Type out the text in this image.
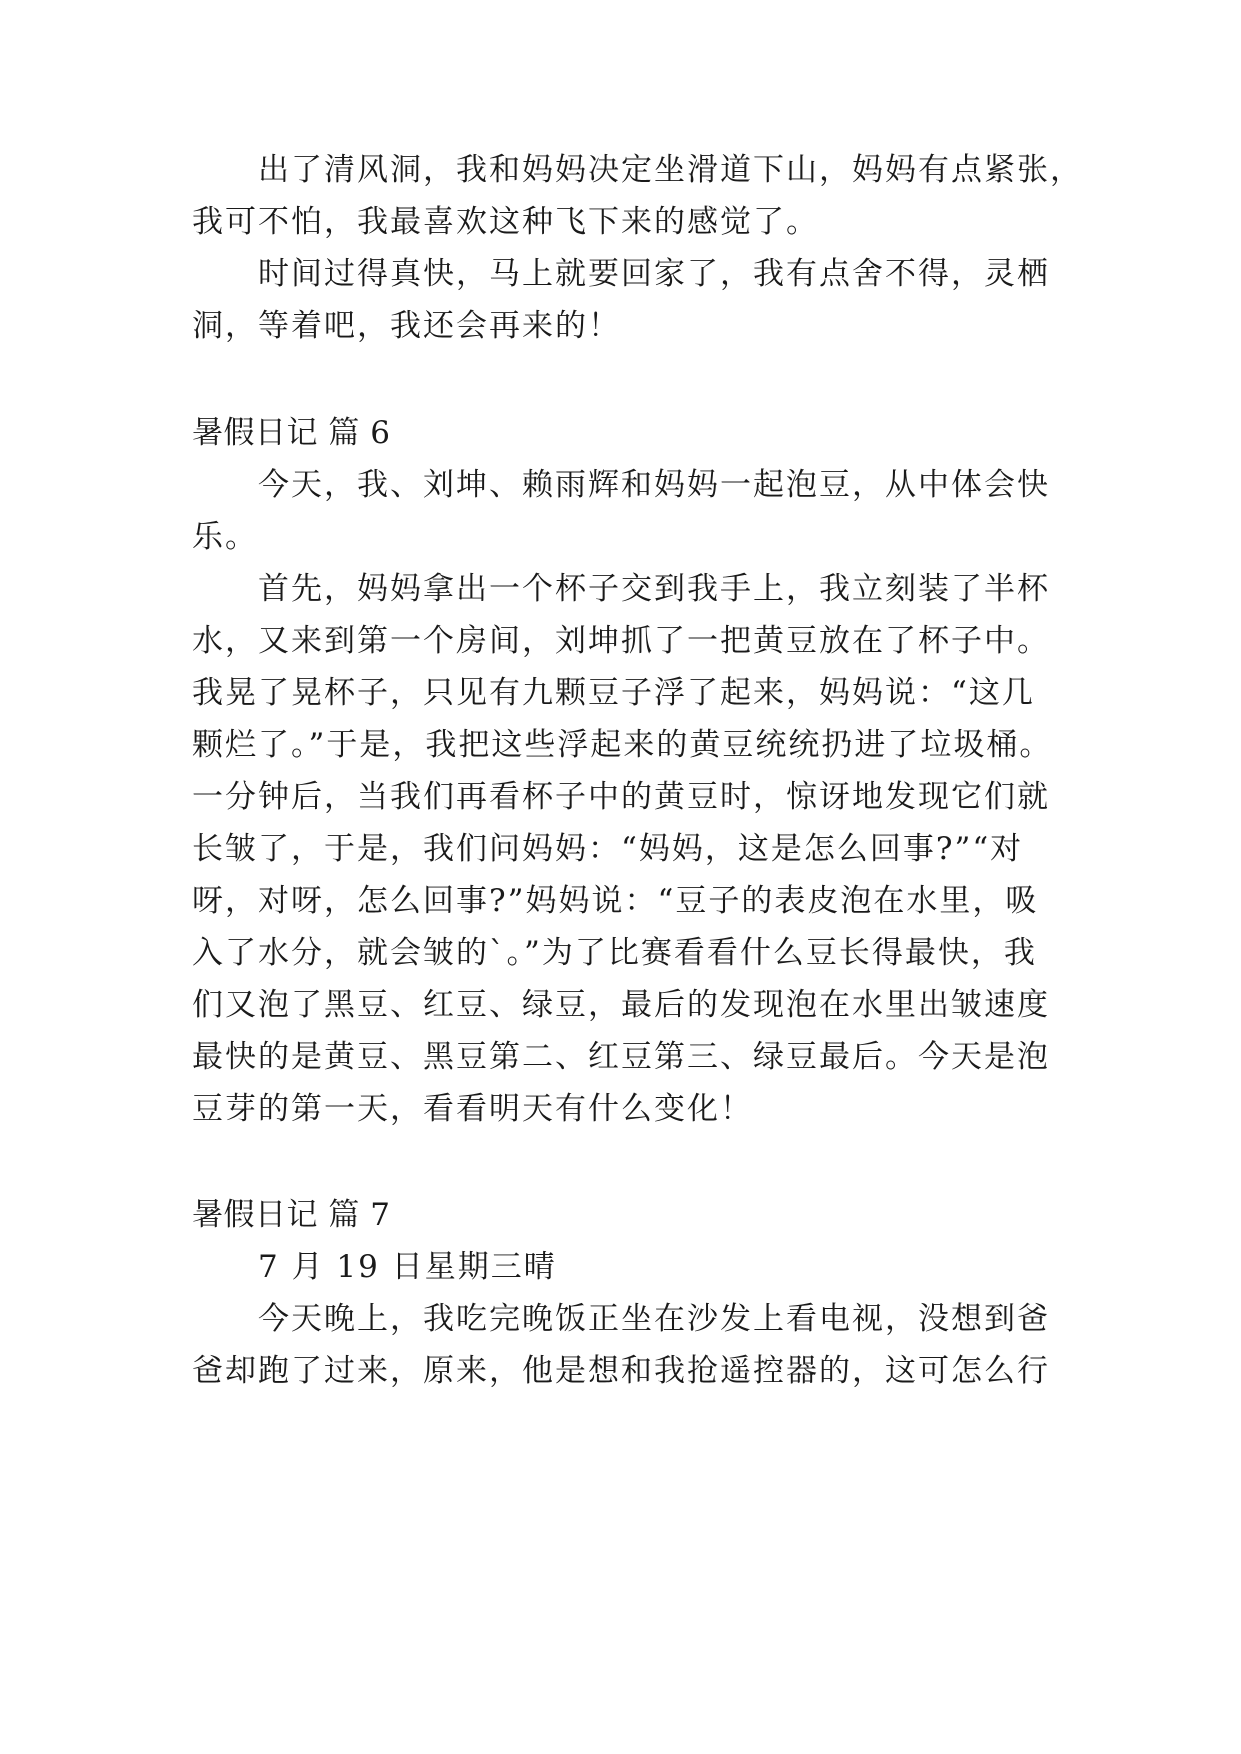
出了清风洞，我和妈妈决定坐滑道下山，妈妈有点紧张，
我可不怕，我最喜欢这种飞下来的感觉了。
时间过得真快，马上就要回家了，我有点舍不得，灵栖
洞，等着吧，我还会再来的！
暑假日记 篇 6
今天，我、刘坤、赖雨辉和妈妈一起泡豆，从中体会快
乐。
首先，妈妈拿出一个杯子交到我手上，我立刻装了半杯
水，又来到第一个房间，刘坤抓了一把黄豆放在了杯子中。
我晃了晃杯子，只见有九颗豆子浮了起来，妈妈说：“这几
颗烂了。”于是，我把这些浮起来的黄豆统统扔进了垃圾桶。
一分钟后，当我们再看杯子中的黄豆时，惊讶地发现它们就
长皱了，于是，我们问妈妈：“妈妈，这是怎么回事?”“对
呀，对呀，怎么回事?”妈妈说：“豆子的表皮泡在水里，吸
入了水分，就会皱的`。”为了比赛看看什么豆长得最快，我
们又泡了黑豆、红豆、绿豆，最后的发现泡在水里出皱速度
最快的是黄豆、黑豆第二、红豆第三、绿豆最后。今天是泡
豆芽的第一天，看看明天有什么变化！
暑假日记 篇 7
7 月 19 日星期三晴
今天晚上，我吃完晚饭正坐在沙发上看电视，没想到爸
爸却跑了过来，原来，他是想和我抢遥控器的，这可怎么行
